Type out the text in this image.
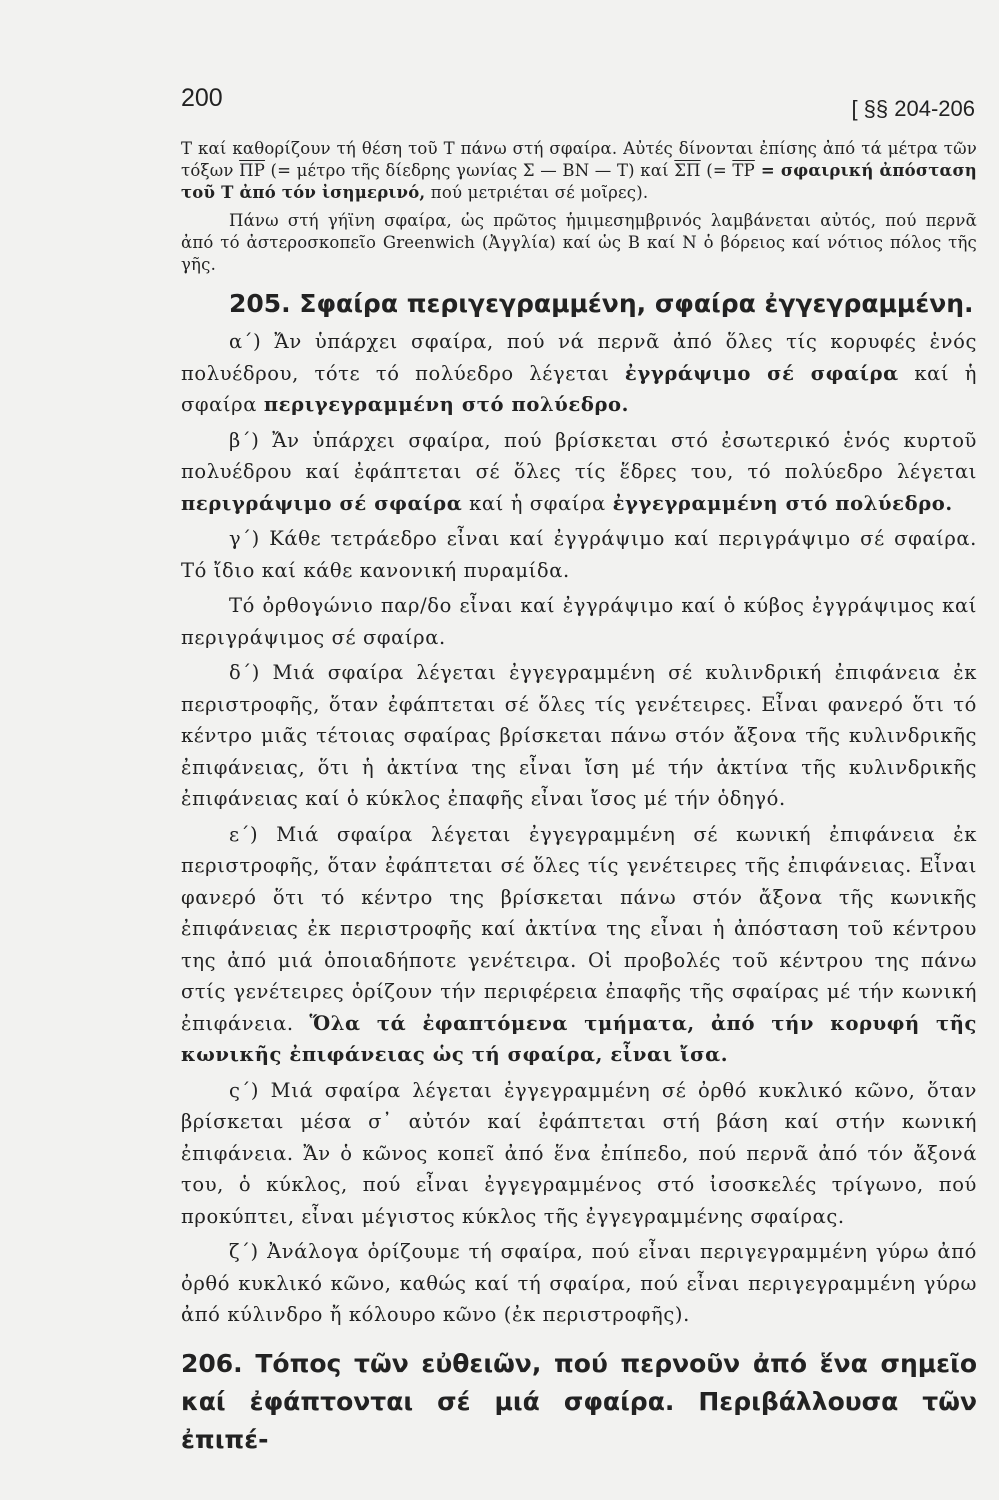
200	[ §§ 204-206

Τ καί καθορίζουν τή θέση τοῦ Τ πάνω στή σφαίρα. Αὐτές δίνονται ἐπίσης ἀπό τά μέτρα τῶν τόξων $\overline{\Pi P}$ (= μέτρο τῆς δίεδρης γωνίας Σ — ΒΝ — Τ) καί $\overline{\Sigma\Pi}$ (= $\overline{TP} = \sigma\varphi\alpha\iota\rho\iota\kappa ή$ ἀπόσταση τοῦ Τ ἀπό τόν ἰσημερινό, πού μετριέται σέ μοῖρες).

Πάνω στή γήϊνη σφαίρα, ὡς πρῶτος ἡμιμεσημβρινός λαμβάνεται αὐτός, πού περνᾶ ἀπό τό ἀστεροσκοπεῖο Greenwich (Ἀγγλία) καί ὡς Β καί Ν ὁ βόρειος καί νότιος πόλος τῆς γῆς.

205. Σφαίρα περιγεγραμμένη, σφαίρα ἐγγεγραμμένη.

α΄) Ἄν ὑπάρχει σφαίρα, πού νά περνᾶ ἀπό ὅλες τίς κορυφές ἑνός πολυέδρου, τότε τό πολύεδρο λέγεται ἐγγράψιμο σέ σφαίρα καί ἡ σφαίρα περιγεγραμμένη στό πολύεδρο.

β΄) Ἄν ὑπάρχει σφαίρα, πού βρίσκεται στό ἐσωτερικό ἑνός κυρτοῦ πολυέδρου καί ἐφάπτεται σέ ὅλες τίς ἕδρες του, τό πολύεδρο λέγεται περιγράψιμο σέ σφαίρα καί ἡ σφαίρα ἐγγεγραμμένη στό πολύεδρο.

γ΄) Κάθε τετράεδρο εἶναι καί ἐγγράψιμο καί περιγράψιμο σέ σφαίρα. Τό ἴδιο καί κάθε κανονική πυραμίδα.

Τό ὀρθογώνιο παρ/δο εἶναι καί ἐγγράψιμο καί ὁ κύβος ἐγγράψιμος καί περιγράψιμος σέ σφαίρα.

δ΄) Μιά σφαίρα λέγεται ἐγγεγραμμένη σέ κυλινδρική ἐπιφάνεια ἐκ περιστροφῆς, ὅταν ἐφάπτεται σέ ὅλες τίς γενέτειρες. Εἶναι φανερό ὅτι τό κέντρο μιᾶς τέτοιας σφαίρας βρίσκεται πάνω στόν ἄξονα τῆς κυλινδρικῆς ἐπιφάνειας, ὅτι ἡ ἀκτίνα της εἶναι ἴση μέ τήν ἀκτίνα τῆς κυλινδρικῆς ἐπιφάνειας καί ὁ κύκλος ἐπαφῆς εἶναι ἴσος μέ τήν ὁδηγό.

ε΄) Μιά σφαίρα λέγεται ἐγγεγραμμένη σέ κωνική ἐπιφάνεια ἐκ περιστροφῆς, ὅταν ἐφάπτεται σέ ὅλες τίς γενέτειρες τῆς ἐπιφάνειας. Εἶναι φανερό ὅτι τό κέντρο της βρίσκεται πάνω στόν ἄξονα τῆς κωνικῆς ἐπιφάνειας ἐκ περιστροφῆς καί ἀκτίνα της εἶναι ἡ ἀπόσταση τοῦ κέντρου της ἀπό μιά ὁποιαδήποτε γενέτειρα. Οἱ προβολές τοῦ κέντρου της πάνω στίς γενέτειρες ὁρίζουν τήν περιφέρεια ἐπαφῆς τῆς σφαίρας μέ τήν κωνική ἐπιφάνεια. Ὅλα τά ἐφαπτόμενα τμήματα, ἀπό τήν κορυφή τῆς κωνικῆς ἐπιφάνειας ὡς τή σφαίρα, εἶναι ἴσα.

ς΄) Μιά σφαίρα λέγεται ἐγγεγραμμένη σέ ὀρθό κυκλικό κῶνο, ὅταν βρίσκεται μέσα σ᾽ αὐτόν καί ἐφάπτεται στή βάση καί στήν κωνική ἐπιφάνεια. Ἄν ὁ κῶνος κοπεῖ ἀπό ἕνα ἐπίπεδο, πού περνᾶ ἀπό τόν ἄξονά του, ὁ κύκλος, πού εἶναι ἐγγεγραμμένος στό ἰσοσκελές τρίγωνο, πού προκύπτει, εἶναι μέγιστος κύκλος τῆς ἐγγεγραμμένης σφαίρας.

ζ΄) Ἀνάλογα ὁρίζουμε τή σφαίρα, πού εἶναι περιγεγραμμένη γύρω ἀπό ὀρθό κυκλικό κῶνο, καθώς καί τή σφαίρα, πού εἶναι περιγεγραμμένη γύρω ἀπό κύλινδρο ἤ κόλουρο κῶνο (ἐκ περιστροφῆς).

206. Τόπος τῶν εὐθειῶν, πού περνοῦν ἀπό ἕνα σημεῖο καί ἐφάπτονται σέ μιά σφαίρα. Περιβάλλουσα τῶν ἐπιπέ-
